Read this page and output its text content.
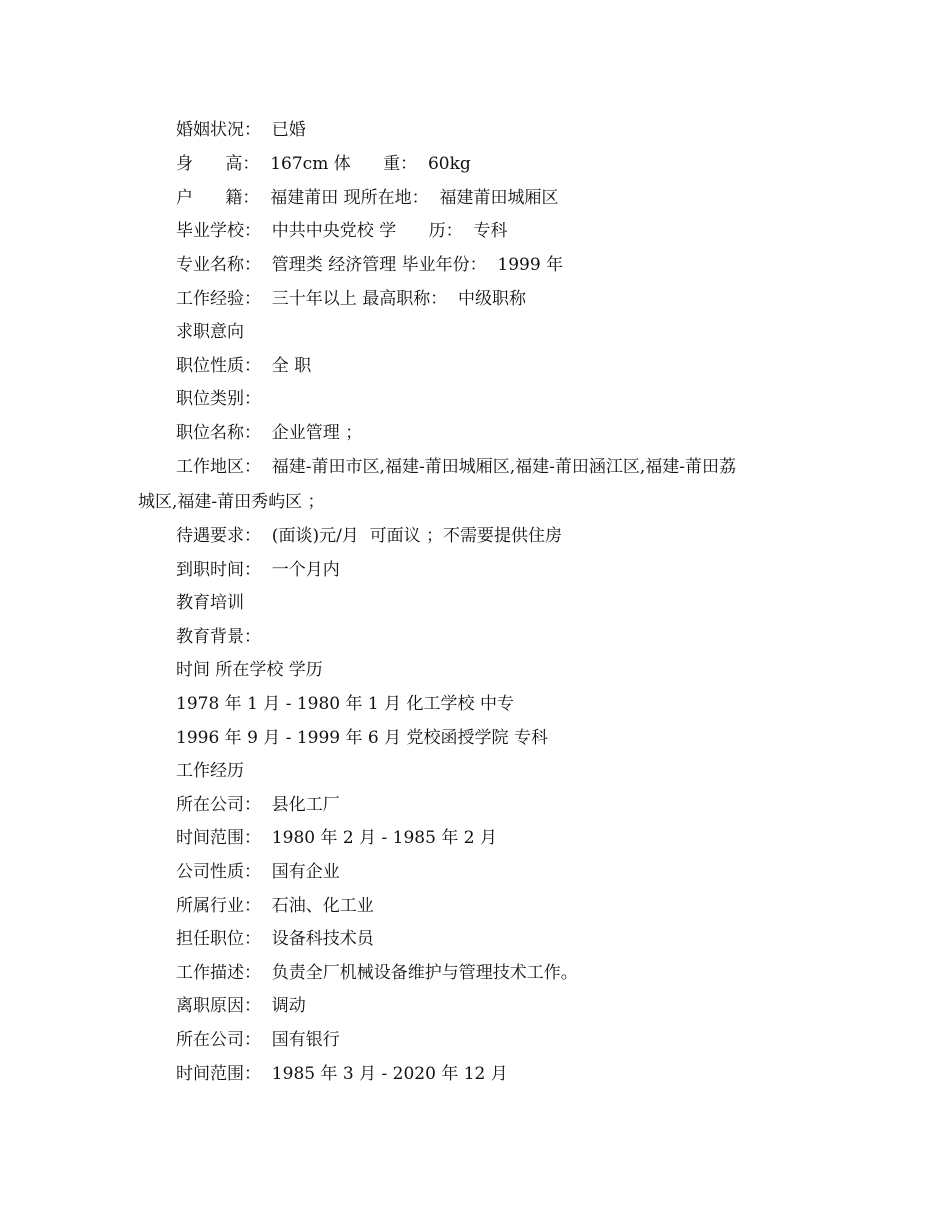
婚姻状况：  已婚
身      高：  167cm 体      重：  60kg
户      籍：  福建莆田 现所在地：  福建莆田城厢区
毕业学校：  中共中央党校 学      历：  专科
专业名称：  管理类 经济管理 毕业年份：  1999 年
工作经验：  三十年以上 最高职称：  中级职称
求职意向
职位性质：  全 职
职位类别：
职位名称：  企业管理 ；
工作地区：  福建-莆田市区,福建-莆田城厢区,福建-莆田涵江区,福建-莆田荔
城区,福建-莆田秀屿区 ；
待遇要求：  (面谈)元/月  可面议 ；不需要提供住房
到职时间：  一个月内
教育培训
教育背景：
时间 所在学校 学历
1978 年 1 月 - 1980 年 1 月 化工学校 中专
1996 年 9 月 - 1999 年 6 月 党校函授学院 专科
工作经历
所在公司：  县化工厂
时间范围：  1980 年 2 月 - 1985 年 2 月
公司性质：  国有企业
所属行业：  石油、化工业
担任职位：  设备科技术员
工作描述：  负责全厂机械设备维护与管理技术工作。
离职原因：  调动
所在公司：  国有银行
时间范围：  1985 年 3 月 - 2020 年 12 月
